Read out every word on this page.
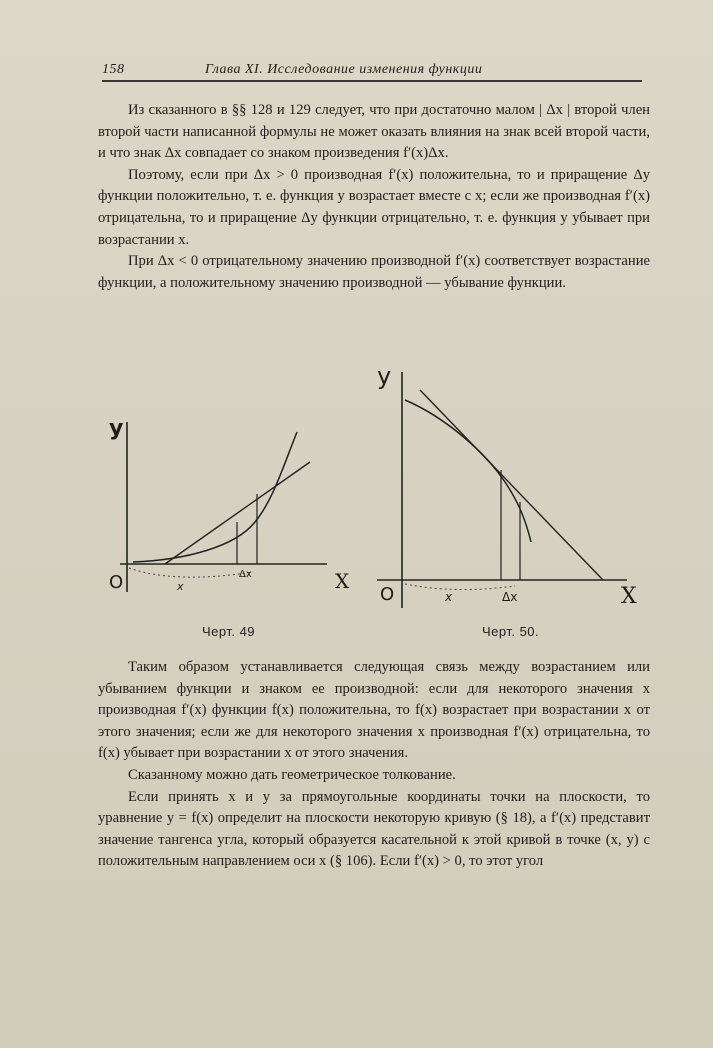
158	Глава XI. Исследование изменения функции

Из сказанного в §§ 128 и 129 следует, что при достаточно малом | Δx | второй член второй части написанной формулы не может оказать влияния на знак всей второй части, и что знак Δx совпадает со знаком произведения f′(x)Δx.

Поэтому, если при Δx > 0 производная f′(x) положительна, то и приращение Δy функции положительно, т. е. функция y возрастает вместе с x; если же производная f′(x) отрицательна, то и приращение Δy функции отрицательно, т. е. функция y убывает при возрастании x.

При Δx < 0 отрицательному значению производной f′(x) соответствует возрастание функции, а положительному значению производной — убывание функции.

y
O	X
x
Δx
Черт. 49
y
O	X
x	Δx
Черт. 50.

Таким образом устанавливается следующая связь между возрастанием или убыванием функции и знаком ее производной: если для некоторого значения x производная f′(x) функции f(x) положительна, то f(x) возрастает при возрастании x от этого значения; если же для некоторого значения x производная f′(x) отрицательна, то f(x) убывает при возрастании x от этого значения.

Сказанному можно дать геометрическое толкование.

Если принять x и y за прямоугольные координаты точки на плоскости, то уравнение y = f(x) определит на плоскости некоторую кривую (§ 18), а f′(x) представит значение тангенса угла, который образуется касательной к этой кривой в точке (x, y) с положительным направлением оси x (§ 106). Если f′(x) > 0, то этот угол
